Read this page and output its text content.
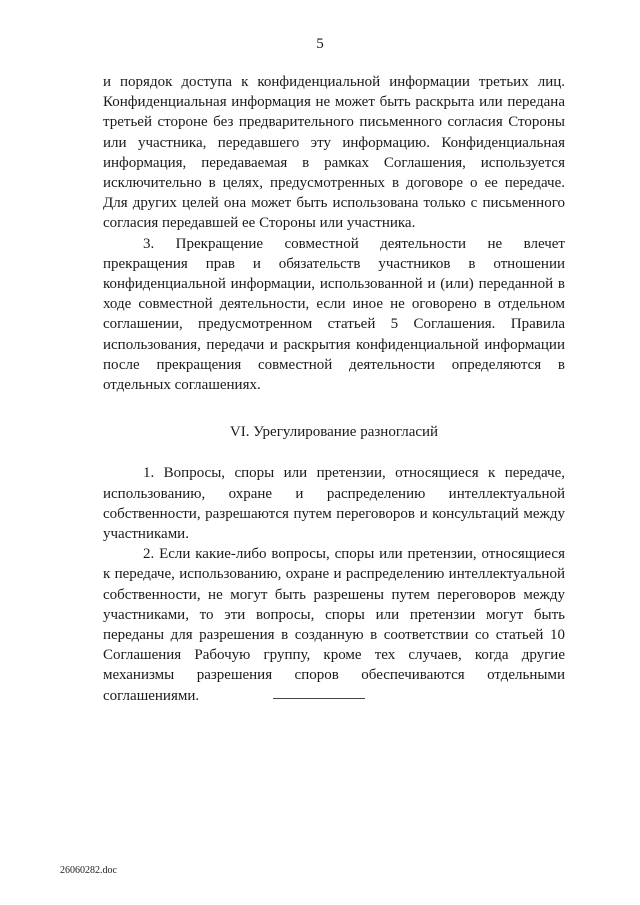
5

и порядок доступа к конфиденциальной информации третьих лиц. Конфиденциальная информация не может быть раскрыта или передана третьей стороне без предварительного письменного согласия Стороны или участника, передавшего эту информацию. Конфиденциальная информация, передаваемая в рамках Соглашения, используется исключительно в целях, предусмотренных в договоре о ее передаче. Для других целей она может быть использована только с письменного согласия передавшей ее Стороны или участника.

3. Прекращение совместной деятельности не влечет прекращения прав и обязательств участников в отношении конфиденциальной информации, использованной и (или) переданной в ходе совместной деятельности, если иное не оговорено в отдельном соглашении, предусмотренном статьей 5 Соглашения. Правила использования, передачи и раскрытия конфиденциальной информации после прекращения совместной деятельности определяются в отдельных соглашениях.

VI. Урегулирование разногласий

1. Вопросы, споры или претензии, относящиеся к передаче, использованию, охране и распределению интеллектуальной собственности, разрешаются путем переговоров и консультаций между участниками.

2. Если какие-либо вопросы, споры или претензии, относящиеся к передаче, использованию, охране и распределению интеллектуальной собственности, не могут быть разрешены путем переговоров между участниками, то эти вопросы, споры или претензии могут быть переданы для разрешения в созданную в соответствии со статьей 10 Соглашения Рабочую группу, кроме тех случаев, когда другие механизмы разрешения споров обеспечиваются отдельными соглашениями.

26060282.doc
